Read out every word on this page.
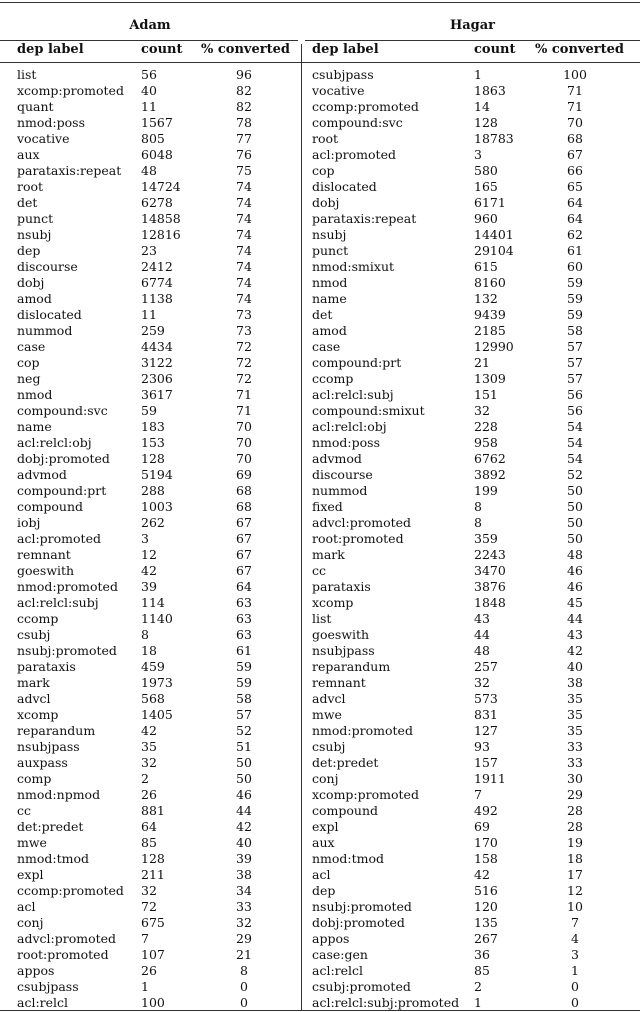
Adam	Hagar
dep label	count % converted dep label	count % converted
list	56	96
xcomp:promoted 40	82
quant	11	82
nmod:poss	1567	78
vocative	805	77
aux	6048	76
parataxis:repeat 48	75
root	14724	74
det	6278	74
punct	14858	74
nsubj	12816	74
dep	23	74
discourse	2412	74
dobj	6774	74
amod	1138	74
dislocated	11	73
nummod	259	73
case	4434	72
cop	3122	72
neg	2306	72
nmod	3617	71
compound:svc	59	71
name	183	70
acl:relcl:obj	153	70
dobj:promoted 128	70
advmod	5194	69
compound:prt	288	68
compound	1003	68
iobj	262	67
acl:promoted	3	67
remnant	12	67
goeswith	42	67
nmod:promoted 39	64
acl:relcl:subj	114	63
ccomp	1140	63
csubj	8	63
nsubj:promoted 18	61
parataxis	459	59
mark	1973	59
advcl	568	58
xcomp	1405	57
reparandum	42	52
nsubjpass	35	51
auxpass	32	50
comp	2	50
nmod:npmod	26	46
cc	881	44
det:predet	64	42
mwe	85	40
nmod:tmod	128	39
expl	211	38
ccomp:promoted 32	34
acl	72	33
conj	675	32
advcl:promoted 7	29
root:promoted	107	21
appos	26	8
csubjpass	1	0
acl:relcl	100	0
csubjpass	1	100
vocative	1863	71
ccomp:promoted	14	71
compound:svc	128	70
root	18783	68
acl:promoted	3	67
cop	580	66
dislocated	165	65
dobj	6171	64
parataxis:repeat	960	64
nsubj	14401	62
punct	29104	61
nmod:smixut	615	60
nmod	8160	59
name	132	59
det	9439	59
amod	2185	58
case	12990	57
compound:prt	21	57
ccomp	1309	57
acl:relcl:subj	151	56
compound:smixut	32	56
acl:relcl:obj	228	54
nmod:poss	958	54
advmod	6762	54
discourse	3892	52
nummod	199	50
fixed	8	50
advcl:promoted	8	50
root:promoted	359	50
mark	2243	48
cc	3470	46
parataxis	3876	46
xcomp	1848	45
list	43	44
goeswith	44	43
nsubjpass	48	42
reparandum	257	40
remnant	32	38
advcl	573	35
mwe	831	35
nmod:promoted	127	35
csubj	93	33
det:predet	157	33
conj	1911	30
xcomp:promoted	7	29
compound	492	28
expl	69	28
aux	170	19
nmod:tmod	158	18
acl	42	17
dep	516	12
nsubj:promoted	120	10
dobj:promoted	135	7
appos	267	4
case:gen	36	3
acl:relcl	85	1
csubj:promoted	2	0
acl:relcl:subj:promoted 1	0
